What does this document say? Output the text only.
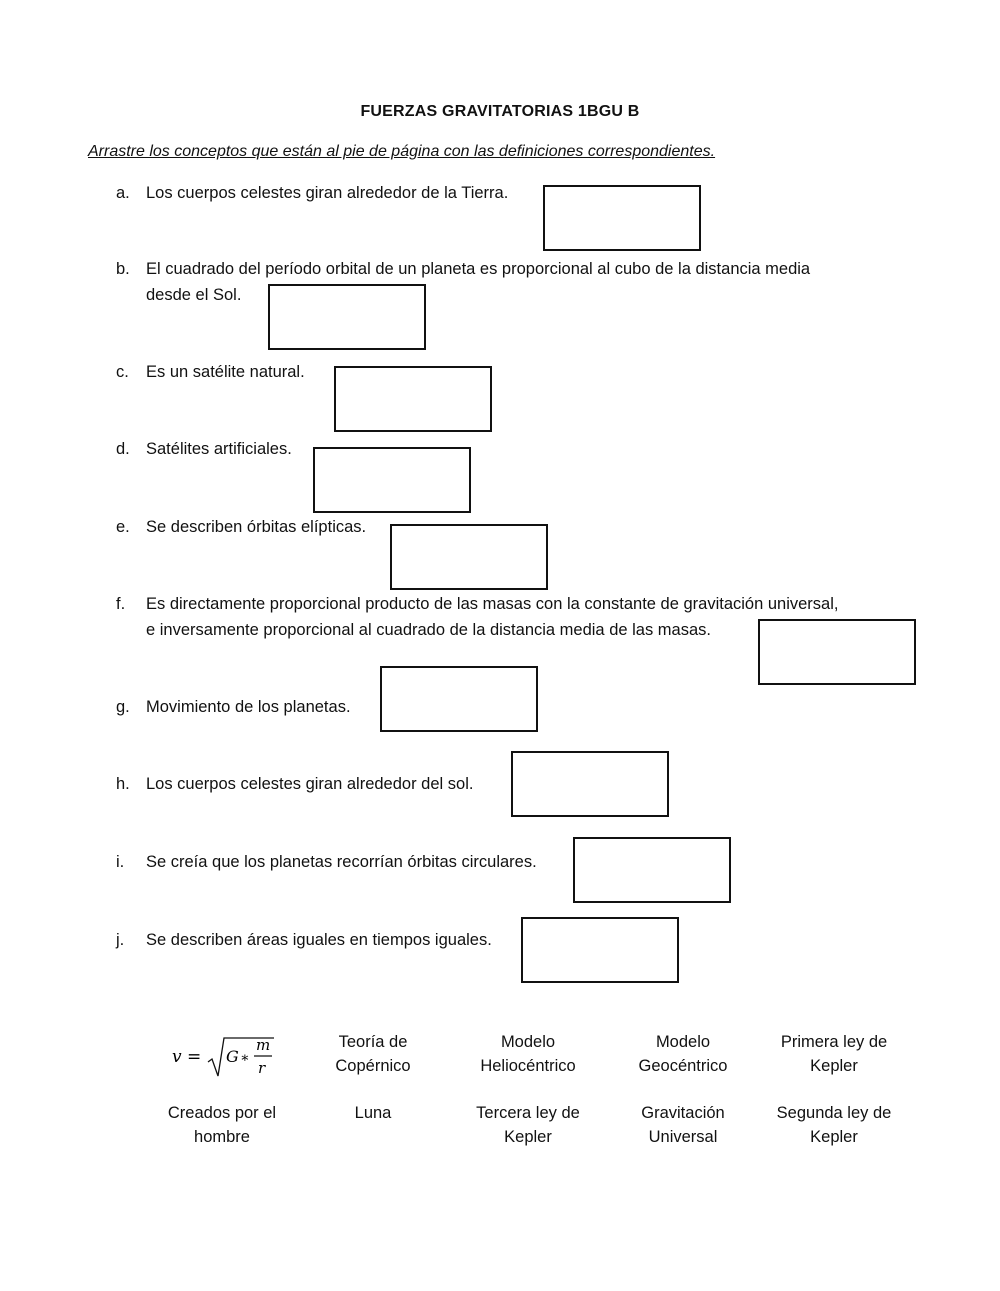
FUERZAS GRAVITATORIAS 1BGU B
Arrastre los conceptos que están al pie de página con las definiciones correspondientes.
a. Los cuerpos celestes giran alrededor de la Tierra.
b. El cuadrado del período orbital de un planeta es proporcional al cubo de la distancia media
desde el Sol.
c. Es un satélite natural.
d. Satélites artificiales.
e. Se describen órbitas elípticas.
f. Es directamente proporcional producto de las masas con la constante de gravitación universal,
e inversamente proporcional al cuadrado de la distancia media de las masas.
g. Movimiento de los planetas.
h. Los cuerpos celestes giran alrededor del sol.
i. Se creía que los planetas recorrían órbitas circulares.
j. Se describen áreas iguales en tiempos iguales.
v = G ∗
m
r
Teoría de
Copérnico
Modelo
Heliocéntrico
Modelo
Geocéntrico
Primera ley de
Kepler
Creados por el
hombre
Luna	Tercera ley de
Kepler
Gravitación
Universal
Segunda ley de
Kepler
